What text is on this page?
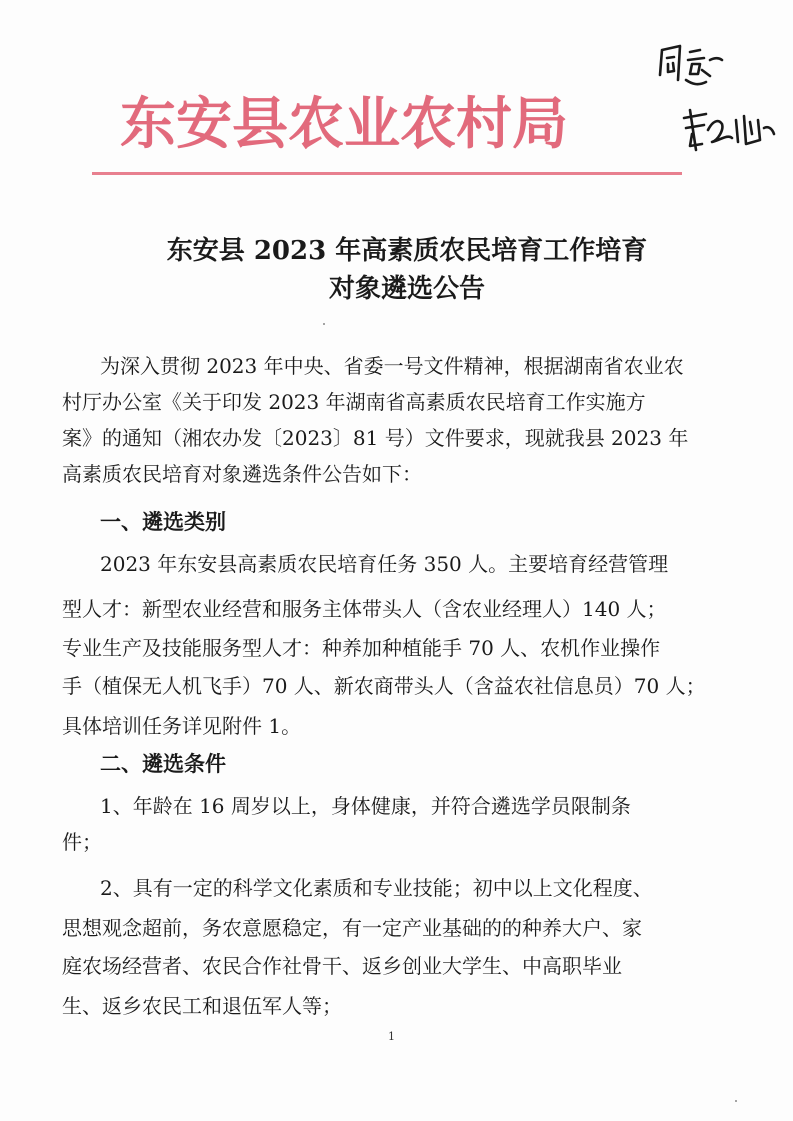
东安县农业农村局
东安县 2023 年高素质农民培育工作培育
对象遴选公告
为深入贯彻 2023 年中央、省委一号文件精神，根据湖南省农业农
村厅办公室《关于印发 2023 年湖南省高素质农民培育工作实施方
案》的通知（湘农办发〔2023〕81 号）文件要求，现就我县 2023 年
高素质农民培育对象遴选条件公告如下：
一、遴选类别
2023 年东安县高素质农民培育任务 350 人。主要培育经营管理
型人才：新型农业经营和服务主体带头人（含农业经理人）140 人；
专业生产及技能服务型人才：种养加种植能手 70 人、农机作业操作
手（植保无人机飞手）70 人、新农商带头人（含益农社信息员）70 人；
具体培训任务详见附件 1。
二、遴选条件
1、年龄在 16 周岁以上，身体健康，并符合遴选学员限制条
件；
2、具有一定的科学文化素质和专业技能；初中以上文化程度、
思想观念超前，务农意愿稳定，有一定产业基础的的种养大户、家
庭农场经营者、农民合作社骨干、返乡创业大学生、中高职毕业
生、返乡农民工和退伍军人等；
1
